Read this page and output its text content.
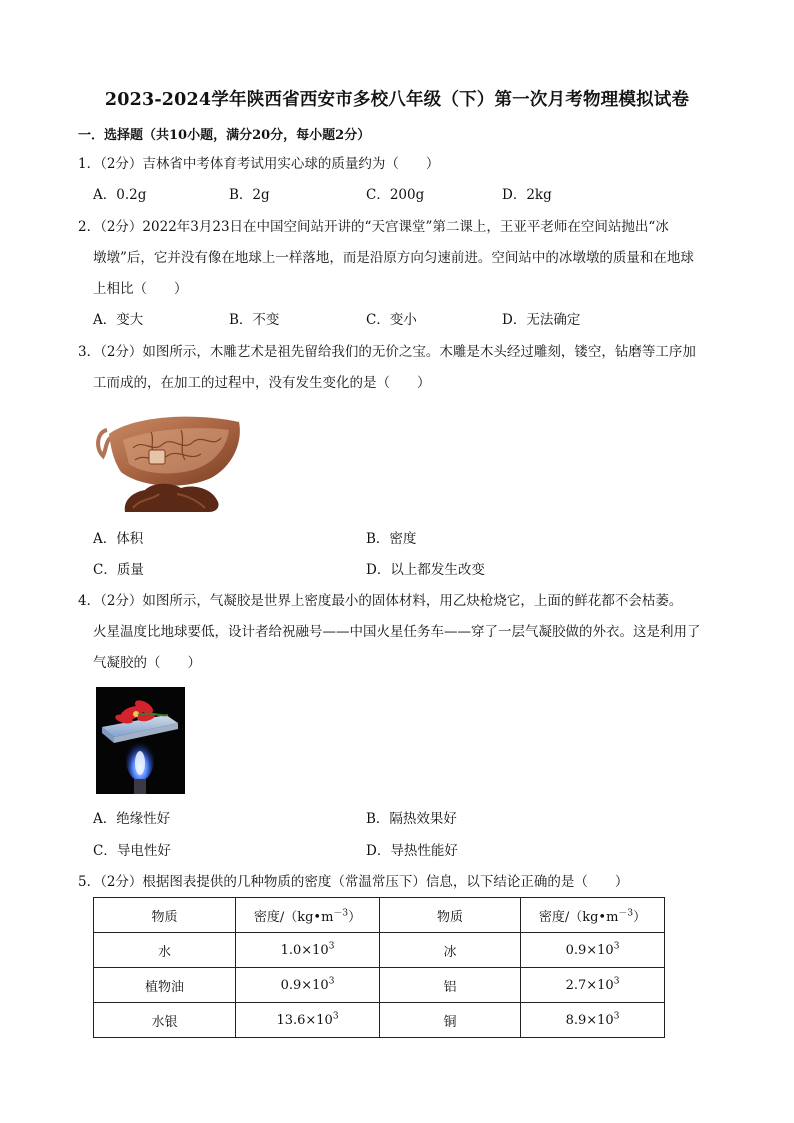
2023-2024学年陕西省西安市多校八年级（下）第一次月考物理模拟试卷
一．选择题（共10小题，满分20分，每小题2分）
1．（2分）吉林省中考体育考试用实心球的质量约为（　　）
A．0.2g	B．2g	C．200g	D．2kg
2．（2分）2022年3月23日在中国空间站开讲的“天宫课堂”第二课上，王亚平老师在空间站抛出“冰
墩墩”后，它并没有像在地球上一样落地，而是沿原方向匀速前进。空间站中的冰墩墩的质量和在地球
上相比（　　）
A．变大	B．不变	C．变小	D．无法确定
3．（2分）如图所示，木雕艺术是祖先留给我们的无价之宝。木雕是木头经过雕刻，镂空，钻磨等工序加
工而成的，在加工的过程中，没有发生变化的是（　　）
A．体积	B．密度
C．质量	D．以上都发生改变
4．（2分）如图所示，气凝胶是世界上密度最小的固体材料，用乙炔枪烧它，上面的鲜花都不会枯萎。
火星温度比地球要低，设计者给祝融号——中国火星任务车——穿了一层气凝胶做的外衣。这是利用了
气凝胶的（　　）
A．绝缘性好	B．隔热效果好
C．导电性好	D．导热性能好
5．（2分）根据图表提供的几种物质的密度（常温常压下）信息，以下结论正确的是（　　）
物质	密度$/(kg•m^{-3})$	物质	密度$/(kg•m^{-3})$
水	$1.0\times 10^3$	冰	$0.9\times 10^3$
植物油	$0.9\times 10^3$	铝	$2.7\times 10^3$
水银	$13.6\times 10^3$	铜	$8.9\times 10^3$
